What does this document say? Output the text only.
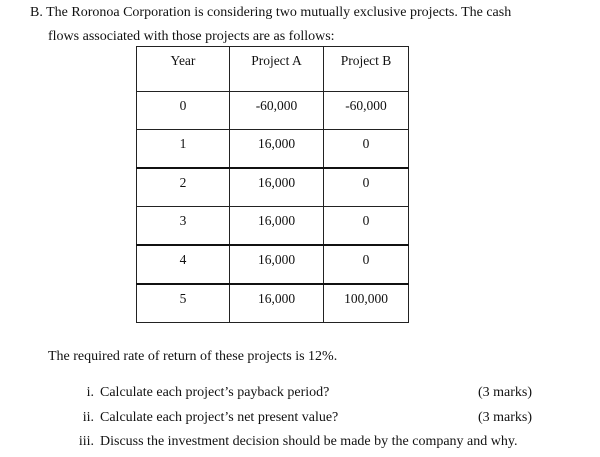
B. The Roronoa Corporation is considering two mutually exclusive projects. The cash
flows associated with those projects are as follows:
Year	Project A	Project B
0	-60,000	-60,000
1	16,000	0
2	16,000	0
3	16,000	0
4	16,000	0
5	16,000	100,000
The required rate of return of these projects is 12%.
i. Calculate each project’s payback period?	(3 marks)
ii. Calculate each project’s net present value?	(3 marks)
iii. Discuss the investment decision should be made by the company and why.
